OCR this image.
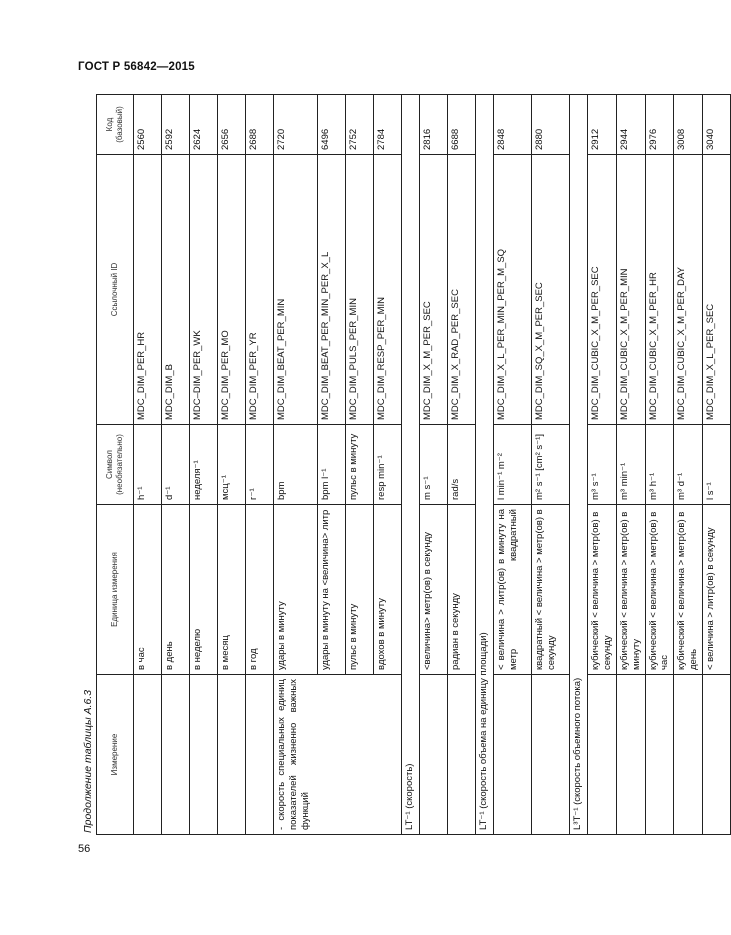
ГОСТ Р 56842—2015
Продолжение таблицы А.6.3
56
Измерение	Единица измерения	Символ (необязательно)	Ссылочный ID	Код (базовый)
	в час	h⁻¹	MDC_DIM_PER_HR	2560
	в день	d⁻¹	MDC_DIM_B	2592
	в неделю	неделя⁻¹	MDC–DIM_PER_WK	2624
	в месяц	мсц⁻¹	MDC_DIM_PER_MO	2656
	в год	г⁻¹	MDC_DIM_PER_YR	2688
- скорость специальных единиц показателей жизненно важных функций	удары в минуту	bpm	MDC_DIM_BEAT_PER_MIN	2720
	удары в минуту на <величина> литр	bpm l⁻¹	MDC_DIM_BEAT_PER_MIN_PER_X_L	6496
	пульс в минуту	пульс в минуту	MDC_DIM_PULS_PER_MIN	2752
	вдохов в минуту	resp min⁻¹	MDC_DIM_RESP_PER_MIN	2784
LT⁻¹ (скорость)				
	<величина> метр(ов) в секунду	m s⁻¹	MDC_DIM_X_M_PER_SEC	2816
	радиан в секунду	rad/s	MDC_DIM_X_RAD_PER_SEC	6688
LT⁻¹ (скорость объема на единицу площади)				
	< величина > литр(ов) в минуту на метр квадратный	l min⁻¹ m⁻²	MDC_DIM_X_L_PER_MIN_PER_M_SQ	2848
	квадратный < величина > метр(ов) в секунду	m² s⁻¹ [cm² s⁻¹]	MDC_DIM_SQ_X_M_PER_SEC	2880
L³T⁻¹ (скорость объемного потока)				
	кубический < величина > метр(ов) в секунду	m³ s⁻¹	MDC_DIM_CUBIC_X_M_PER_SEC	2912
	кубический < величина > метр(ов) в минуту	m³ min⁻¹	MDC_DIM_CUBIC_X_M_PER_MIN	2944
	кубический < величина > метр(ов) в час	m³ h⁻¹	MDC_DIM_CUBIC_X_M_PER_HR	2976
	кубический < величина > метр(ов) в день	m³ d⁻¹	MDC_DIM_CUBIC_X_M_PER_DAY	3008
	< величина > литр(ов) в секунду	l s⁻¹	MDC_DIM_X_L_PER_SEC	3040
